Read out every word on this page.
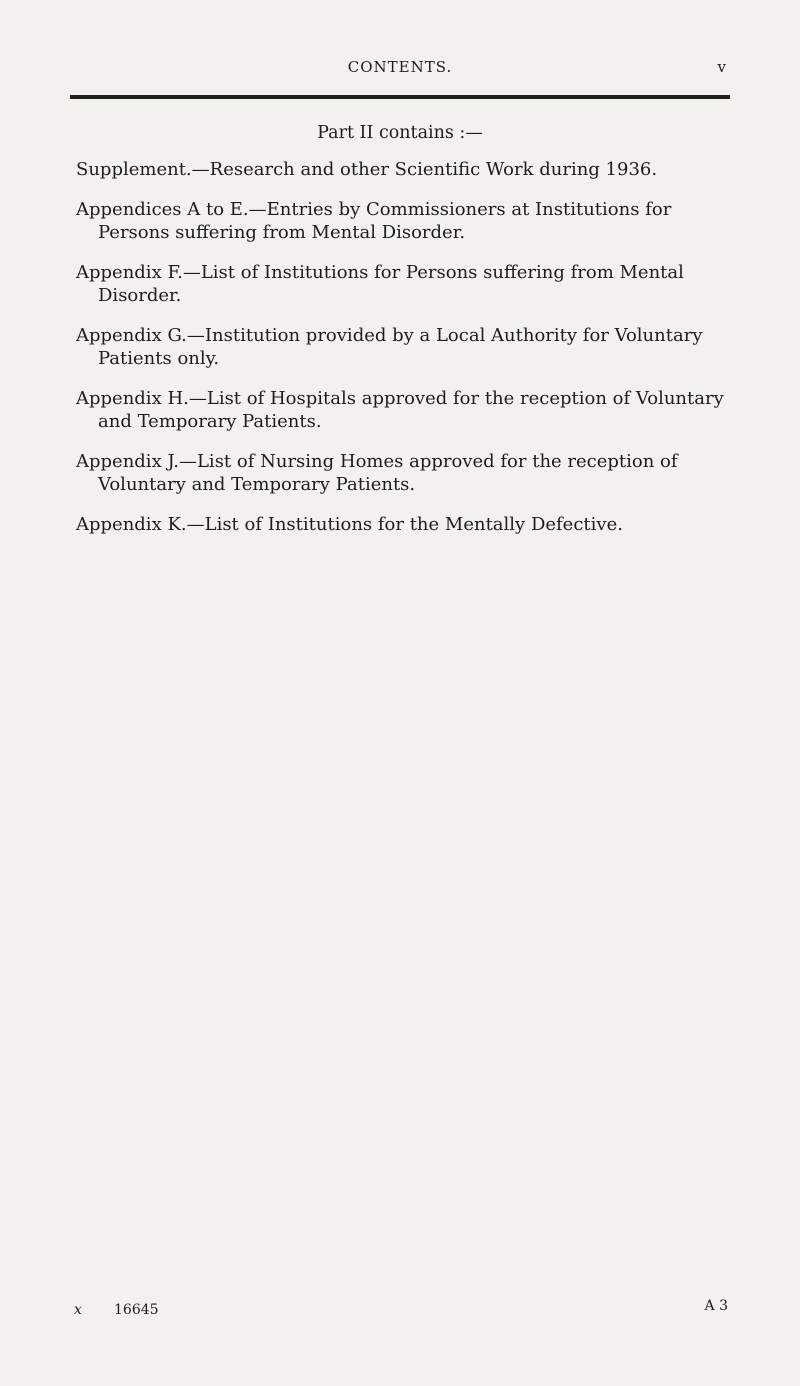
CONTENTS.	v
Part II contains :—
Supplement.—Research and other Scientific Work during 1936.
Appendices A to E.—Entries by Commissioners at Institutions for Persons suffering from Mental Disorder.
Appendix F.—List of Institutions for Persons suffering from Mental Disorder.
Appendix G.—Institution provided by a Local Authority for Voluntary Patients only.
Appendix H.—List of Hospitals approved for the reception of Voluntary and Temporary Patients.
Appendix J.—List of Nursing Homes approved for the reception of Voluntary and Temporary Patients.
Appendix K.—List of Institutions for the Mentally Defective.
x 16645	A 3
